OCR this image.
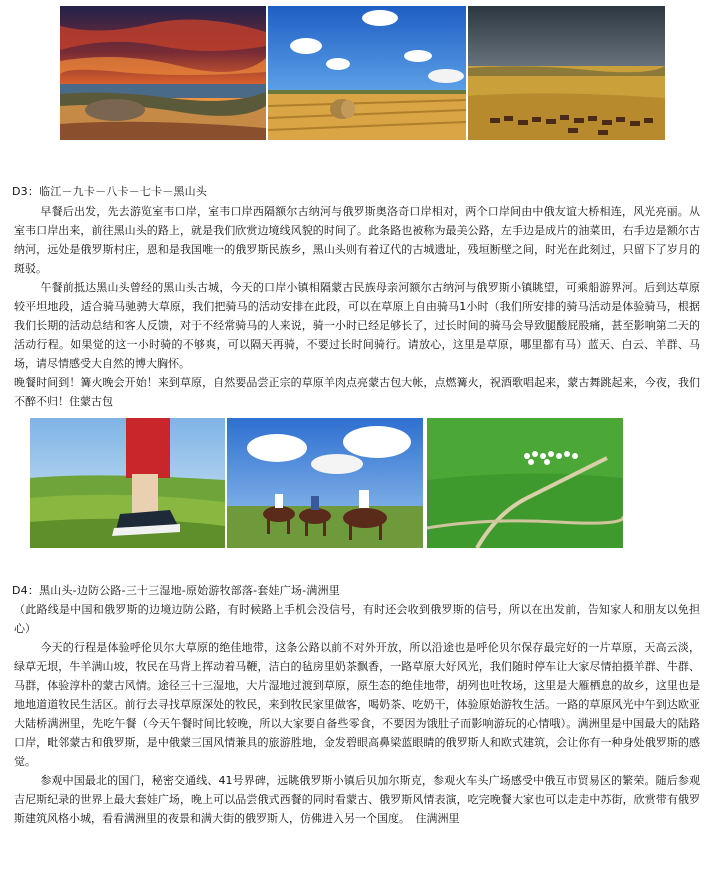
D3：临江－九卡－八卡－七卡－黑山头

早餐后出发，先去游览室韦口岸，室韦口岸西隔额尔古纳河与俄罗斯奥洛奇口岸相对，两个口岸间由中俄友谊大桥相连，风光亮丽。从室韦口岸出来，前往黑山头的路上，就是我们欣赏边境线风貌的时间了。此条路也被称为最美公路，左手边是成片的油菜田，右手边是额尔古纳河，远处是俄罗斯村庄，恩和是我国唯一的俄罗斯民族乡，黑山头则有着辽代的古城遗址，残垣断壁之间，时光在此刻过，只留下了岁月的斑驳。

午餐前抵达黑山头曾经的黑山头古城，今天的口岸小镇相隔蒙古民族母亲河额尔古纳河与俄罗斯小镇眺望，可乘船游界河。后到达草原较平坦地段，适合骑马驰骋大草原，我们把骑马的活动安排在此段，可以在草原上自由骑马1小时（我们所安排的骑马活动是体验骑马，根据我们长期的活动总结和客人反馈，对于不经常骑马的人来说，骑一小时已经足够长了，过长时间的骑马会导致腿酸屁股痛，甚至影响第二天的活动行程。如果觉的这一小时骑的不够爽，可以隔天再骑，不要过长时间骑行。请放心，这里是草原，哪里都有马）蓝天、白云、羊群、马场，请尽情感受大自然的博大胸怀。

晚餐时间到！篝火晚会开始！来到草原，自然要品尝正宗的草原羊肉点亮蒙古包大帐，点燃篝火，祝酒歌唱起来，蒙古舞跳起来，今夜，我们不醉不归！住蒙古包

D4：黑山头-边防公路-三十三湿地-原始游牧部落-套娃广场-满洲里

（此路线是中国和俄罗斯的边境边防公路，有时候路上手机会没信号，有时还会收到俄罗斯的信号，所以在出发前，告知家人和朋友以免担心）

今天的行程是体验呼伦贝尔大草原的绝佳地带，这条公路以前不对外开放，所以沿途也是呼伦贝尔保存最完好的一片草原，天高云淡，绿草无垠，牛羊满山坡，牧民在马背上挥动着马鞭，洁白的毡房里奶茶飘香，一路草原大好风光，我们随时停车让大家尽情拍摄羊群、牛群、马群，体验淳朴的蒙古风情。途径三十三湿地，大片湿地过渡到草原，原生态的绝佳地带，胡列也吐牧场，这里是大雁栖息的故乡，这里也是地地道道牧民生活区。前行去寻找草原深处的牧民，来到牧民家里做客，喝奶茶、吃奶干，体验原始游牧生活。一路的草原风光中午到达欧亚大陆桥满洲里，先吃午餐（今天午餐时间比较晚，所以大家要自备些零食，不要因为饿肚子而影响游玩的心情哦）。满洲里是中国最大的陆路口岸，毗邻蒙古和俄罗斯，是中俄蒙三国风情兼具的旅游胜地，金发碧眼高鼻梁蓝眼睛的俄罗斯人和欧式建筑，会让你有一种身处俄罗斯的感觉。

参观中国最北的国门，秘密交通线、41号界碑，远眺俄罗斯小镇后贝加尔斯克，参观火车头广场感受中俄互市贸易区的繁荣。随后参观吉尼斯纪录的世界上最大套娃广场，晚上可以品尝俄式西餐的同时看蒙古、俄罗斯风情表演，吃完晚餐大家也可以走走中苏街，欣赏带有俄罗斯建筑风格小城，看看满洲里的夜景和满大街的俄罗斯人，仿佛进入另一个国度。　住满洲里
